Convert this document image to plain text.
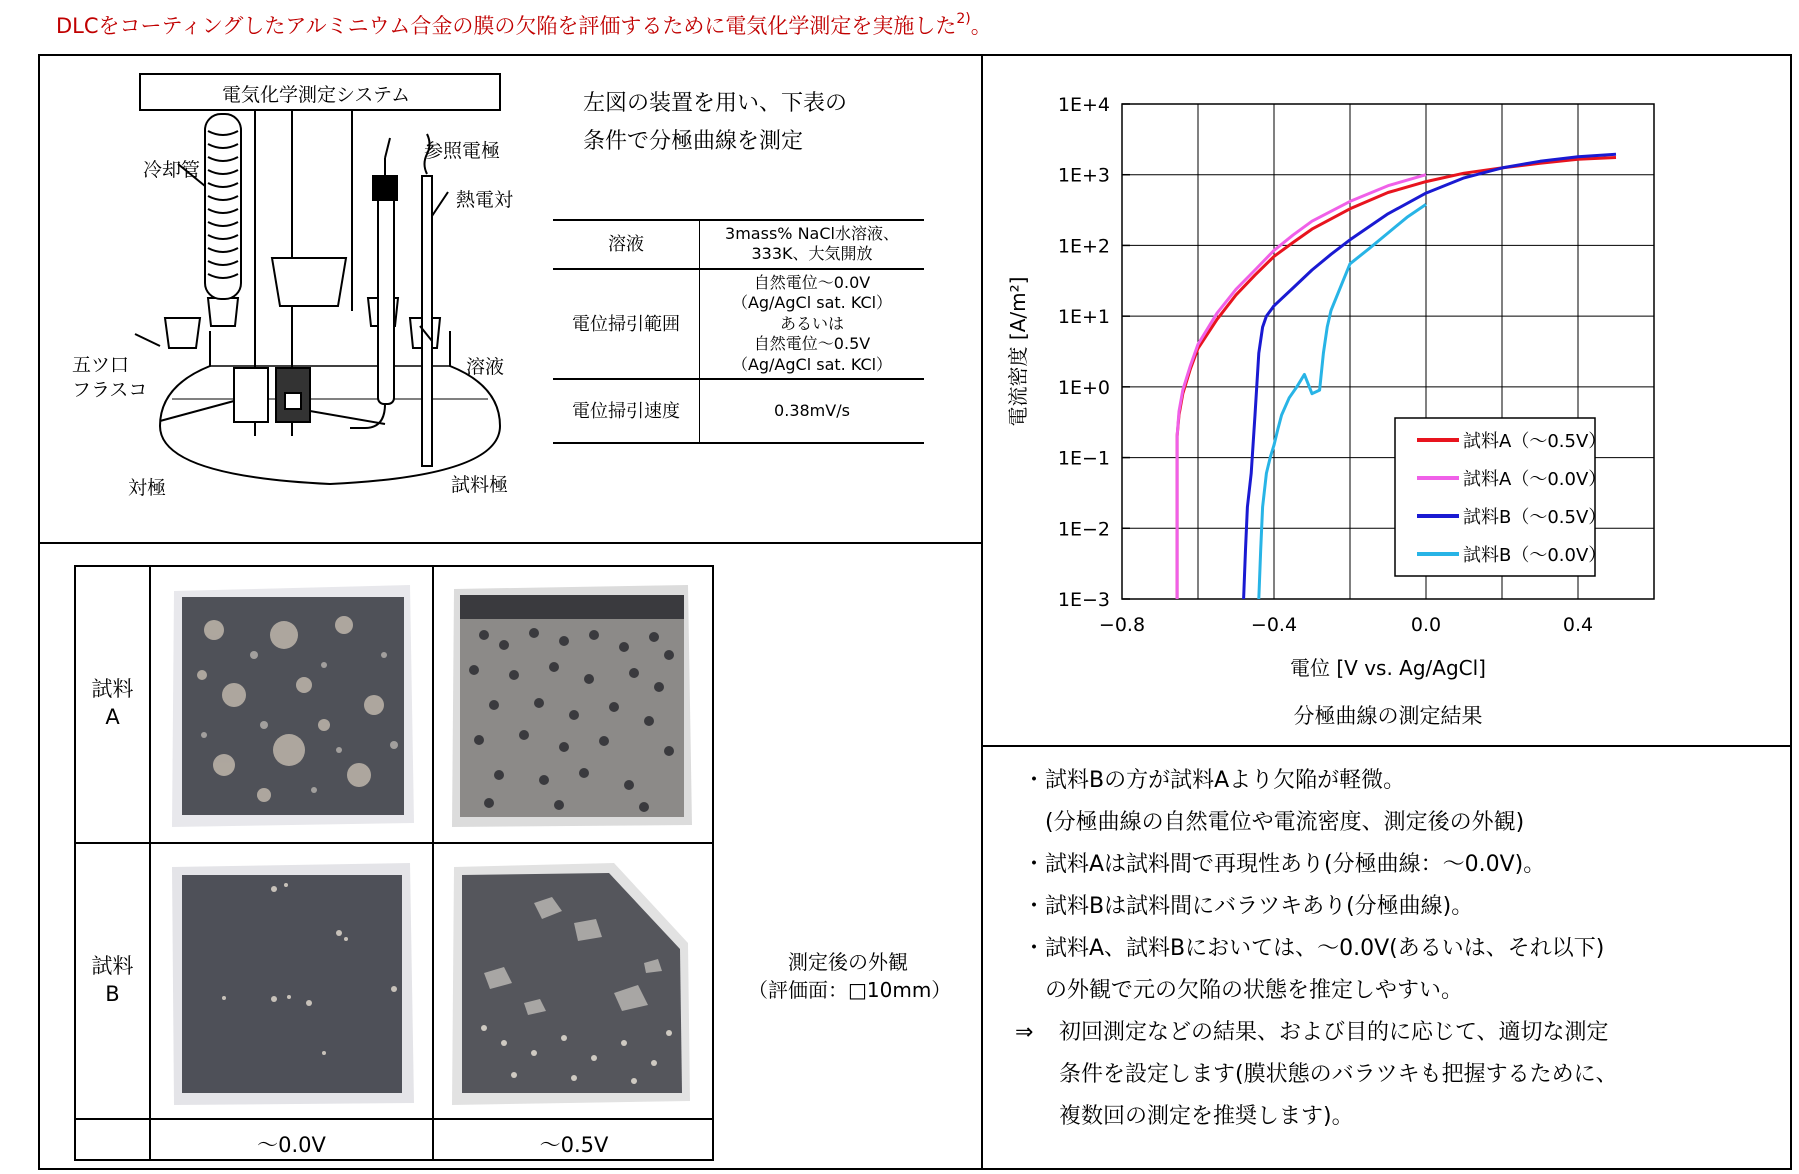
DLCをコーティングしたアルミニウム合金の膜の欠陥を評価するために電気化学測定を実施した$^{2)}$。
電気化学測定システム
冷却管
参照電極
熱電対
五ツ口
フラスコ
溶液
対極	試料極
左図の装置を用い、下表の
条件で分極曲線を測定
溶液	3mass% NaCl水溶液、
333K、大気開放

電位掃引範囲	自然電位～0.0V
（Ag/AgCl sat. KCl）
あるいは
自然電位～0.5V
（Ag/AgCl sat. KCl）

電位掃引速度	0.38mV/s
試料
A
試料
B
～0.0V	～0.5V
測定後の外観
（評価面：□10mm）
1E−3
1E−2
1E−1
1E+0
1E+1
1E+2
1E+3
1E+4
−0.8	−0.4	0.0	0.4
電流密度 [A/m²]
電位 [V vs. Ag/AgCl]
分極曲線の測定結果
試料A（～0.5V）
試料A（～0.0V）
試料B（～0.5V）
試料B（～0.0V）
・試料Bの方が試料Aより欠陥が軽微。
　(分極曲線の自然電位や電流密度、測定後の外観)
・試料Aは試料間で再現性あり(分極曲線：～0.0V)。
・試料Bは試料間にバラツキあり(分極曲線)。
・試料A、試料Bにおいては、～0.0V(あるいは、それ以下)
　の外観で元の欠陥の状態を推定しやすい。
⇒ 初回測定などの結果、および目的に応じて、適切な測定
条件を設定します(膜状態のバラツキも把握するために、
複数回の測定を推奨します)。
